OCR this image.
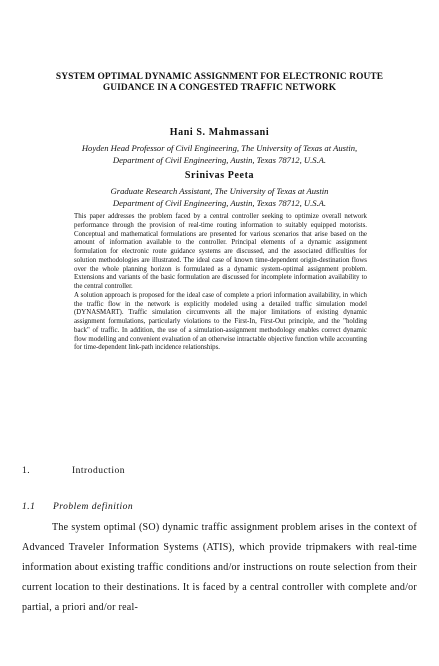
SYSTEM OPTIMAL DYNAMIC ASSIGNMENT FOR ELECTRONIC ROUTE
GUIDANCE IN A CONGESTED TRAFFIC NETWORK
Hani S. Mahmassani
Hoyden Head Professor of Civil Engineering, The University of Texas at Austin,
Department of Civil Engineering, Austin, Texas 78712, U.S.A.
Srinivas Peeta
Graduate Research Assistant, The University of Texas at Austin
Department of Civil Engineering, Austin, Texas 78712, U.S.A.

This paper addresses the problem faced by a central controller seeking to optimize overall network performance through the provision of real-time routing information to suitably equipped motorists. Conceptual and mathematical formulations are presented for various scenarios that arise based on the amount of information available to the controller. Principal elements of a dynamic assignment formulation for electronic route guidance systems are discussed, and the associated difficulties for solution methodologies are illustrated. The ideal case of known time-dependent origin-destination flows over the whole planning horizon is formulated as a dynamic system-optimal assignment problem. Extensions and variants of the basic formulation are discussed for incomplete information availability to the central controller.

A solution approach is proposed for the ideal case of complete a priori information availability, in which the traffic flow in the network is explicitly modeled using a detailed traffic simulation model (DYNASMART). Traffic simulation circumvents all the major limitations of existing dynamic assignment formulations, particularly violations to the First-In, First-Out principle, and the "holding back" of traffic. In addition, the use of a simulation-assignment methodology enables correct dynamic flow modelling and convenient evaluation of an otherwise intractable objective function while accounting for time-dependent link-path incidence relationships.

1.	Introduction
1.1 Problem definition

The system optimal (SO) dynamic traffic assignment problem arises in the context of Advanced Traveler Information Systems (ATIS), which provide tripmakers with real-time information about existing traffic conditions and/or instructions on route selection from their current location to their destinations. It is faced by a central controller with complete and/or partial, a priori and/or real-
